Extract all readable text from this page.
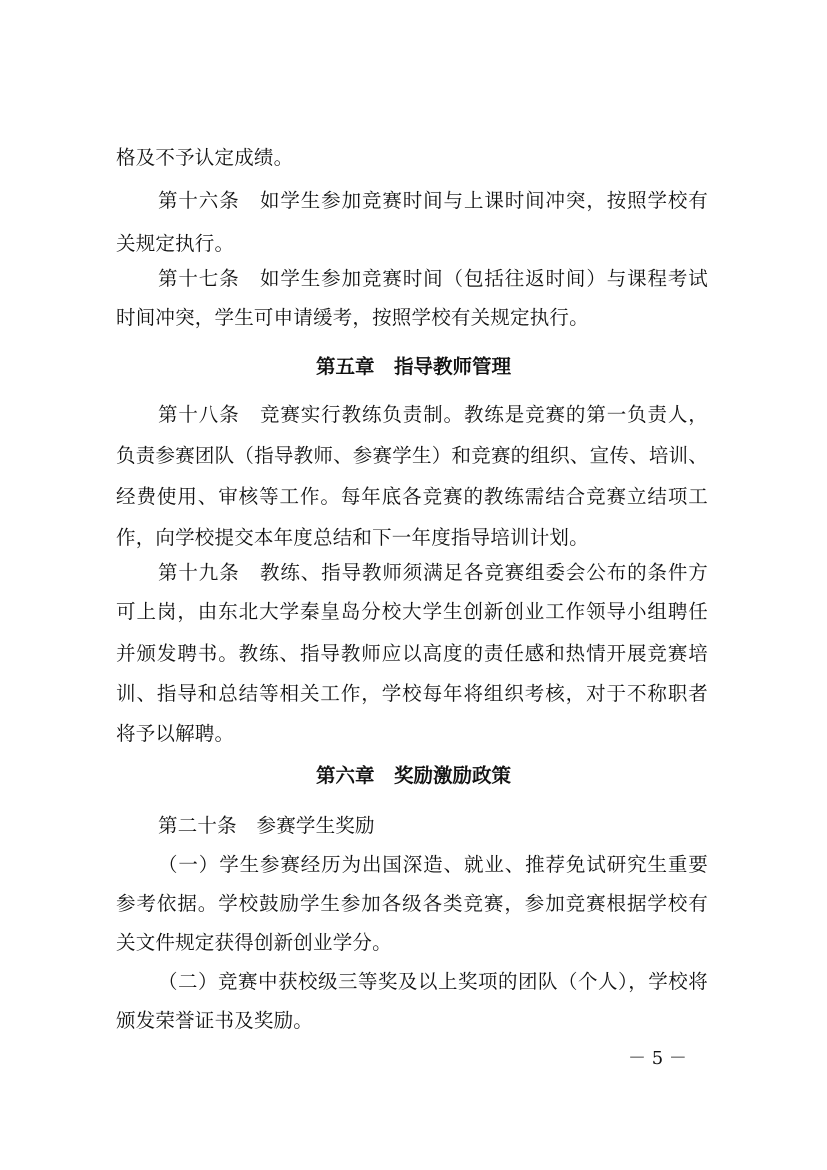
格及不予认定成绩。
第十六条　如学生参加竞赛时间与上课时间冲突，按照学校有
关规定执行。
第十七条　如学生参加竞赛时间（包括往返时间）与课程考试
时间冲突，学生可申请缓考，按照学校有关规定执行。
第五章　指导教师管理
第十八条　竞赛实行教练负责制。教练是竞赛的第一负责人，
负责参赛团队（指导教师、参赛学生）和竞赛的组织、宣传、培训、
经费使用、审核等工作。每年底各竞赛的教练需结合竞赛立结项工
作，向学校提交本年度总结和下一年度指导培训计划。
第十九条　教练、指导教师须满足各竞赛组委会公布的条件方
可上岗，由东北大学秦皇岛分校大学生创新创业工作领导小组聘任
并颁发聘书。教练、指导教师应以高度的责任感和热情开展竞赛培
训、指导和总结等相关工作，学校每年将组织考核，对于不称职者
将予以解聘。
第六章　奖励激励政策
第二十条　参赛学生奖励
（一）学生参赛经历为出国深造、就业、推荐免试研究生重要
参考依据。学校鼓励学生参加各级各类竞赛，参加竞赛根据学校有
关文件规定获得创新创业学分。
（二）竞赛中获校级三等奖及以上奖项的团队（个人），学校将
颁发荣誉证书及奖励。
－ 5 －
